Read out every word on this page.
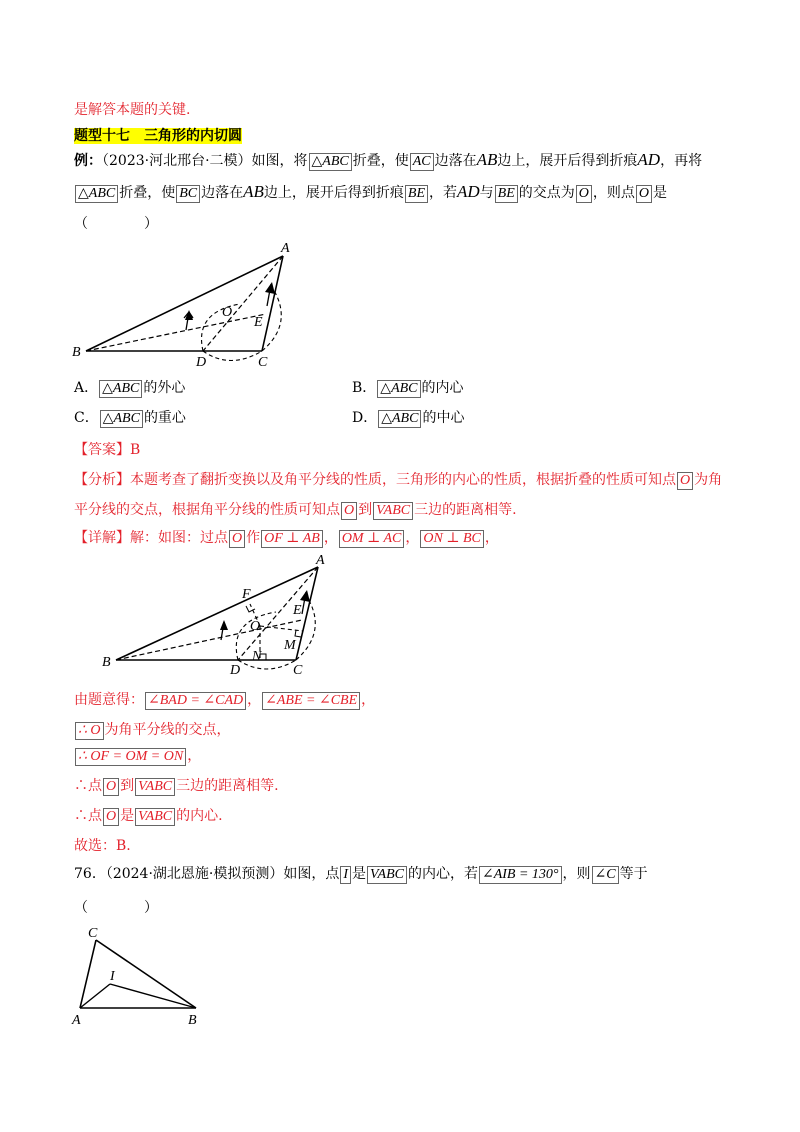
是解答本题的关键.
题型十七　三角形的内切圆
例：（2023·河北邢台·二模）如图，将 △ABC 折叠，使 AC 边落在AB边上，展开后得到折痕AD，再将
△ABC 折叠，使 BC 边落在AB边上，展开后得到折痕 BE ，若AD与 BE 的交点为 O ，则点 O 是
（　　　　）
A
B
C
D
E
O
A． △ABC 的外心	B． △ABC 的内心
C． △ABC 的重心	D． △ABC 的中心
【答案】B
【分析】本题考查了翻折变换以及角平分线的性质，三角形的内心的性质，根据折叠的性质可知点 O 为角
平分线的交点，根据角平分线的性质可知点 O 到 VABC 三边的距离相等.
【详解】解：如图：过点 O 作 OF ⊥ AB ， OM ⊥ AC ， ON ⊥ BC ，
A
B
C
D
E
O
F
M
N
由题意得： ∠BAD = ∠CAD ， ∠ABE = ∠CBE ，
∴ O 为角平分线的交点，
∴ OF = OM = ON ，
∴点 O 到 VABC 三边的距离相等.
∴点 O 是 VABC 的内心.
故选：B.
76．（2024·湖北恩施·模拟预测）如图，点 I 是 VABC 的内心，若 ∠AIB = 130° ，则 ∠C 等于
（　　　　）
C
A	B
I
